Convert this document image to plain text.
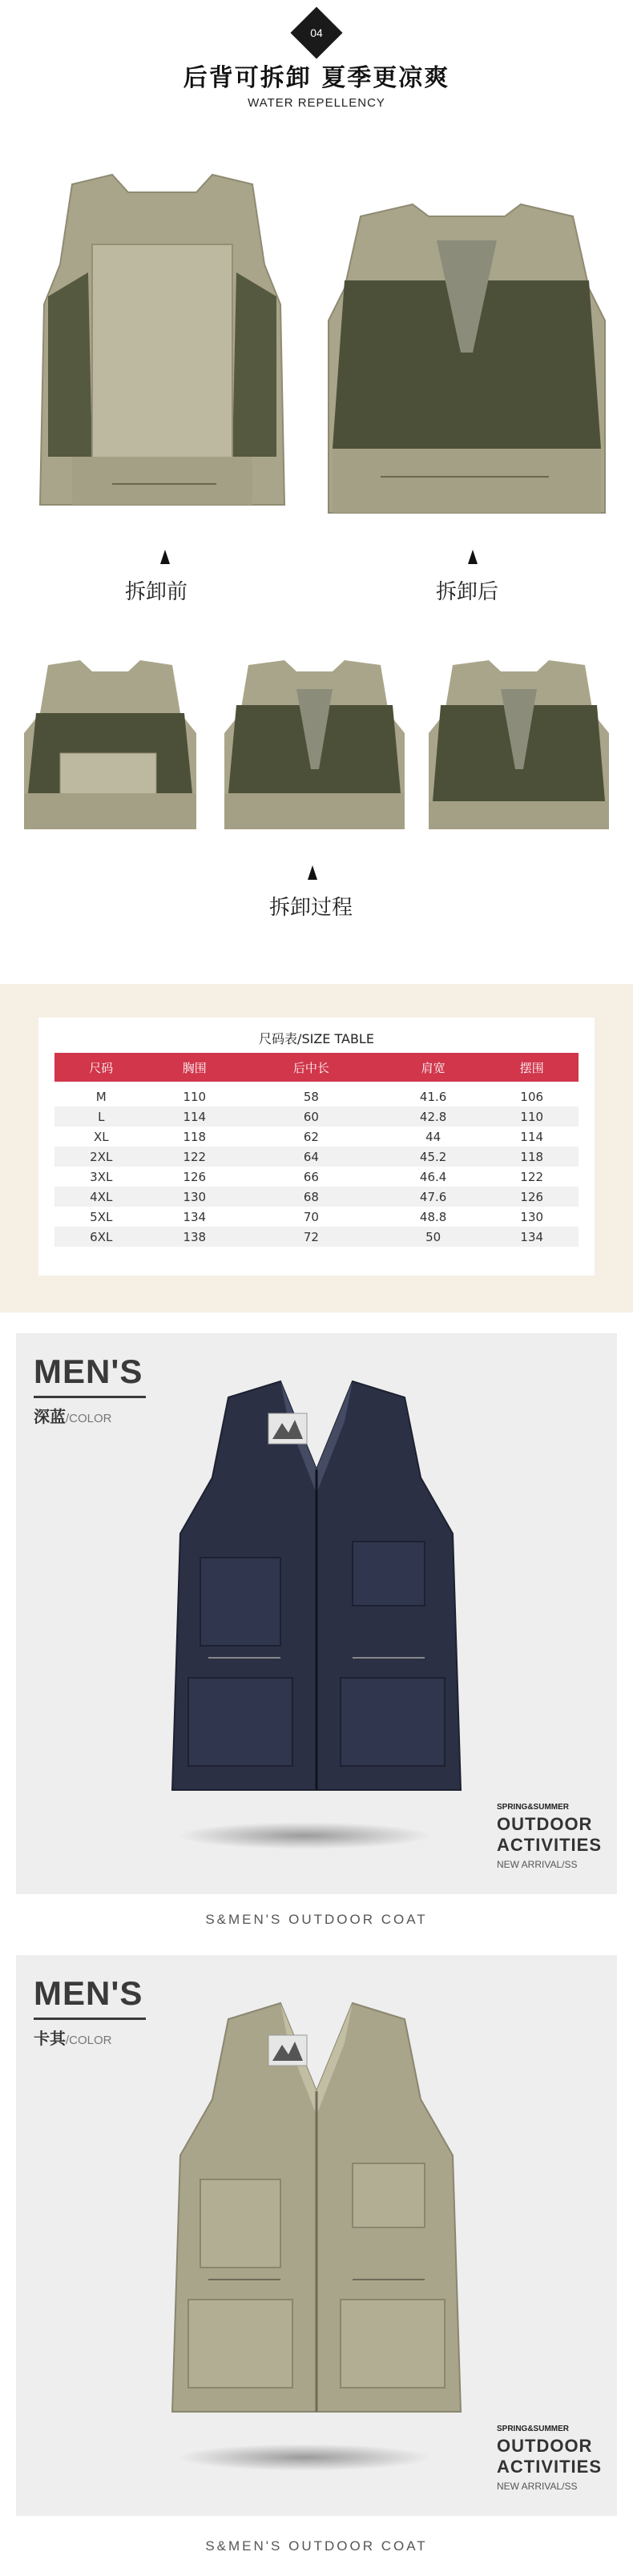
04
后背可拆卸 夏季更凉爽
WATER REPELLENCY
拆卸前	拆卸后
拆卸过程
尺码表/SIZE TABLE
尺码	胸围	后中长	肩宽	摆围
M	110	58	41.6	106
L	114	60	42.8	110
XL	118	62	44	114
2XL	122	64	45.2	118
3XL	126	66	46.4	122
4XL	130	68	47.6	126
5XL	134	70	48.8	130
6XL	138	72	50	134
MEN'S
深蓝/COLOR
SPRING&SUMMER
OUTDOOR
ACTIVITIES
NEW ARRIVAL/SS
S&MEN'S OUTDOOR COAT
MEN'S
卡其/COLOR
SPRING&SUMMER
OUTDOOR
ACTIVITIES
NEW ARRIVAL/SS
S&MEN'S OUTDOOR COAT
